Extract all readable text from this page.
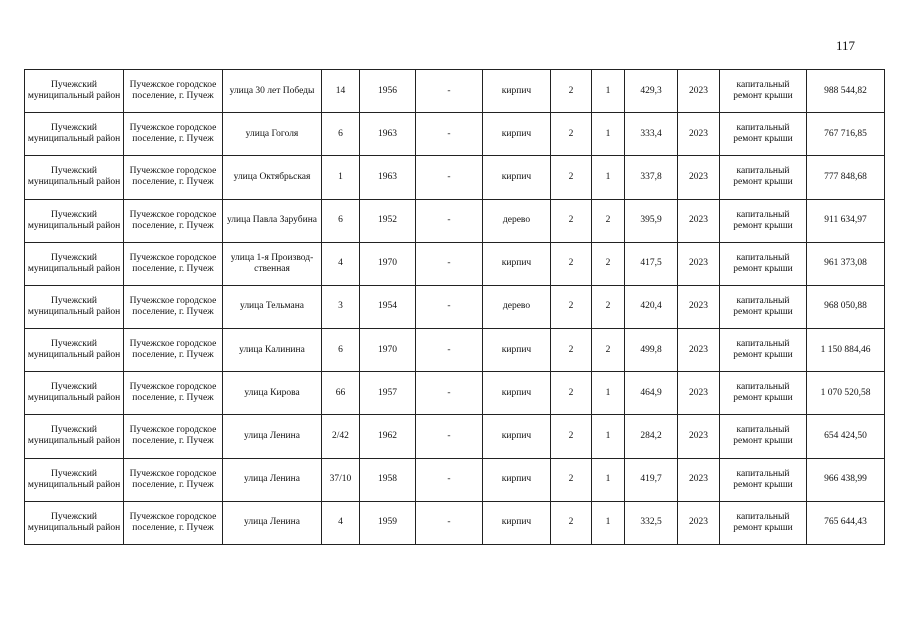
117
Пучежский муниципальный район	Пучежское городское поселение, г. Пучеж	улица 30 лет Победы	14	1956	-	кирпич	2	1	429,3	2023	капитальный ремонт крыши	988 544,82
Пучежский муниципальный район	Пучежское городское поселение, г. Пучеж	улица Гоголя	6	1963	-	кирпич	2	1	333,4	2023	капитальный ремонт крыши	767 716,85
Пучежский муниципальный район	Пучежское городское поселение, г. Пучеж	улица Октябрьская	1	1963	-	кирпич	2	1	337,8	2023	капитальный ремонт крыши	777 848,68
Пучежский муниципальный район	Пучежское городское поселение, г. Пучеж	улица Павла Зарубина	6	1952	-	дерево	2	2	395,9	2023	капитальный ремонт крыши	911 634,97
Пучежский муниципальный район	Пучежское городское поселение, г. Пучеж	улица 1-я Производ-ственная	4	1970	-	кирпич	2	2	417,5	2023	капитальный ремонт крыши	961 373,08
Пучежский муниципальный район	Пучежское городское поселение, г. Пучеж	улица Тельмана	3	1954	-	дерево	2	2	420,4	2023	капитальный ремонт крыши	968 050,88
Пучежский муниципальный район	Пучежское городское поселение, г. Пучеж	улица Калинина	6	1970	-	кирпич	2	2	499,8	2023	капитальный ремонт крыши	1 150 884,46
Пучежский муниципальный район	Пучежское городское поселение, г. Пучеж	улица Кирова	66	1957	-	кирпич	2	1	464,9	2023	капитальный ремонт крыши	1 070 520,58
Пучежский муниципальный район	Пучежское городское поселение, г. Пучеж	улица Ленина	2/42	1962	-	кирпич	2	1	284,2	2023	капитальный ремонт крыши	654 424,50
Пучежский муниципальный район	Пучежское городское поселение, г. Пучеж	улица Ленина	37/10	1958	-	кирпич	2	1	419,7	2023	капитальный ремонт крыши	966 438,99
Пучежский муниципальный район	Пучежское городское поселение, г. Пучеж	улица Ленина	4	1959	-	кирпич	2	1	332,5	2023	капитальный ремонт крыши	765 644,43
